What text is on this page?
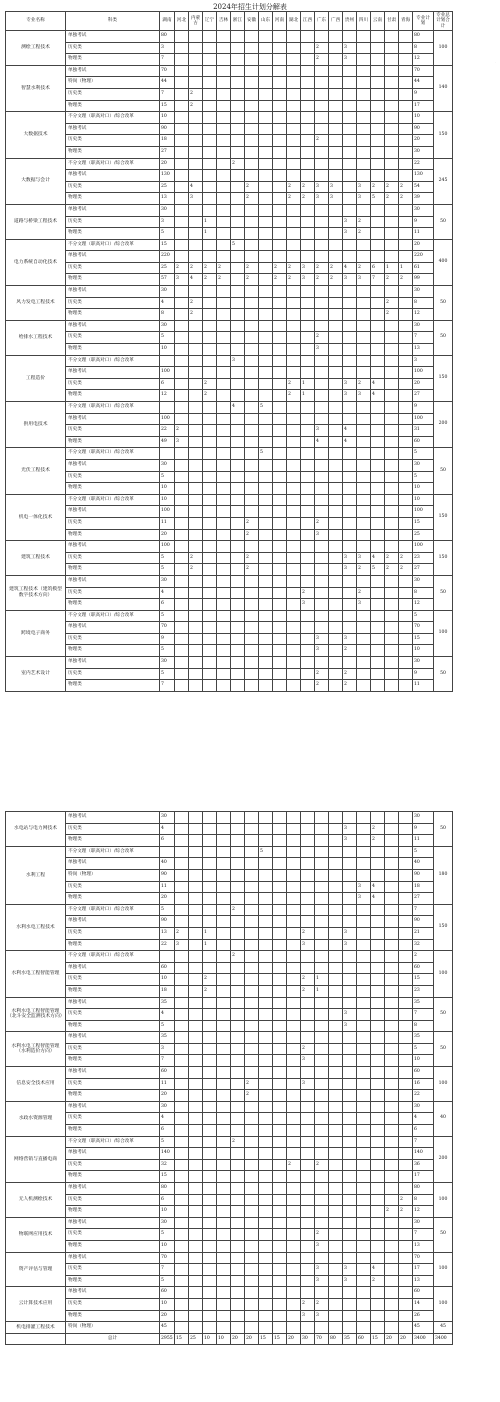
2024年招生计划分解表
专业名称	科类	湖南	河北	内蒙古	辽宁	吉林	浙江	安徽	山东	河南	湖北	江西	广东	广西	贵州	四川	云南	甘肃	青海	专业计划	专业总计划合计
测绘工程技术	单独考试	80																		80	100
	历史类	3											2		3					8	
	物理类	7											2		3					12	
智慧水利技术	单独考试	70																		70	140
	特岗（物理）	44																		44	
	历史类	7		2																9	
	物理类	15		2																17	
大数据技术	不分文理（职高对口）/综合改革	10																		10	150
	单独考试	90																		90	
	历史类	18											2							20	
	物理类	27																		30	
大数据与会计	不分文理（职高对口）/综合改革	20					2													22	245
	单独考试	130																		130	
	历史类	25		4				2			2	2	3	3		3	2	2	2	54	
	物理类	13		3				2			2	2	3	3		3	5	2	2	39	
道路与桥梁工程技术	单独考试	30																		30	50
	历史类	3			1										3	2				9	
	物理类	5			1										3	2				11	
电力系统自动化技术	不分文理（职高对口）/综合改革	15					5													20	400
	单独考试	220																		220	
	历史类	25	2	2	2	2		2		2	2	3	2	2	4	2	6	1	1	61	
	物理类	57	3	4	2	2		2		2	2	3	2	2	3	3	7	2	2	99	
风力发电工程技术	单独考试	30																		30	50
	历史类	4		2														2		8	
	物理类	8		2														2		12	
给排水工程技术	单独考试	30																		30	50
	历史类	5											2							7	
	物理类	10											3							13	
工程造价	不分文理（职高对口）/综合改革						3													3	150
	单独考试	100																		100	
	历史类	6			2						2	1			3	2	4			20	
	物理类	12			2						2	1			3	3	4			27	
供用电技术	不分文理（职高对口）/综合改革						4		5											9	200
	单独考试	100																		100	
	历史类	22	2										3		4					31	
	物理类	49	3										4		4					60	
光伏工程技术	不分文理（职高对口）/综合改革								5											5	50
	单独考试	30																		30	
	历史类	5																		5	
	物理类	10																		10	
机电一体化技术	不分文理（职高对口）/综合改革	10																		10	150
	单独考试	100																		100	
	历史类	11						2					2							15	
	物理类	20						2					3							25	
建筑工程技术	单独考试	100																		100	150
	历史类	5		2				2							3	3	4	2	2	23	
	物理类	5		2				2							3	2	5	2	2	27	
建筑工程技术（建筑模型数字技术方向）	单独考试	30																		30	50
	历史类	4										2				2				8	
	物理类	6										3				3				12	
跨境电子商务	不分文理（职高对口）/综合改革	5																		5	100
	单独考试	70																		70	
	历史类	9											3		3					15	
	物理类	5											3		2					10	
室内艺术设计	单独考试	30																		30	50
	历史类	5											2		2					9	
	物理类	7											2		2					11	
水电站与电力网技术	单独考试	30																		30	50
	历史类	4													3		2			9	
	物理类	6													3		2			11	
水利工程	不分文理（职高对口）/综合改革								5											5	180
	单独考试	40																		40	
	特岗（物理）	90																		90	
	历史类	11														3	4			18	
	物理类	20														3	4			27	
水利水电工程技术	不分文理（职高对口）/综合改革	5					2													7	150
	单独考试	90																		90	
	历史类	13	2		1							2			3					21	
	物理类	22	3		1							3			3					32	
水利水电工程智能管理	不分文理（职高对口）/综合改革						2													2	100
	单独考试	60																		60	
	历史类	10			2							2	1							15	
	物理类	18			2							2	1							23	
水利水电工程智能管理（北斗安全监测技术方向）	单独考试	35																		35	50
	历史类	4													3					7	
	物理类	5													3					8	
水利水电工程智能管理（水利造价方向）	单独考试	35																		35	50
	历史类	3										2								5	
	物理类	7										3								10	
信息安全技术应用	单独考试	60																		60	100
	历史类	11						2				3								16	
	物理类	20						2												22	
水政水资源管理	单独考试	30																		30	40
	历史类	4																		4	
	物理类	6																		6	
网络营销与直播电商	不分文理（职高对口）/综合改革	5					2													7	200
	单独考试	140																		140	
	历史类	32									2		2							36	
	物理类	15																		17	
无人机测绘技术	单独考试	80																		80	100
	历史类	6																	2	8	
	物理类	10																2	2	12	
物联网应用技术	单独考试	30																		30	50
	历史类	5											2							7	
	物理类	10											3							13	
资产评估与管理	单独考试	70																		70	100
	历史类	7											3		3		4			17	
	物理类	5											3		3		2			13	
云计算技术应用	单独考试	60																		60	100
	历史类	10										2	2							14	
	物理类	20										3	3							26	
机电排灌工程技术	特岗（物理）	45																		45	45
	总计	2955	15	25	10	10	20	20	15	15	20	30	70	80	35	60	15	20	20	3400	3400
·
